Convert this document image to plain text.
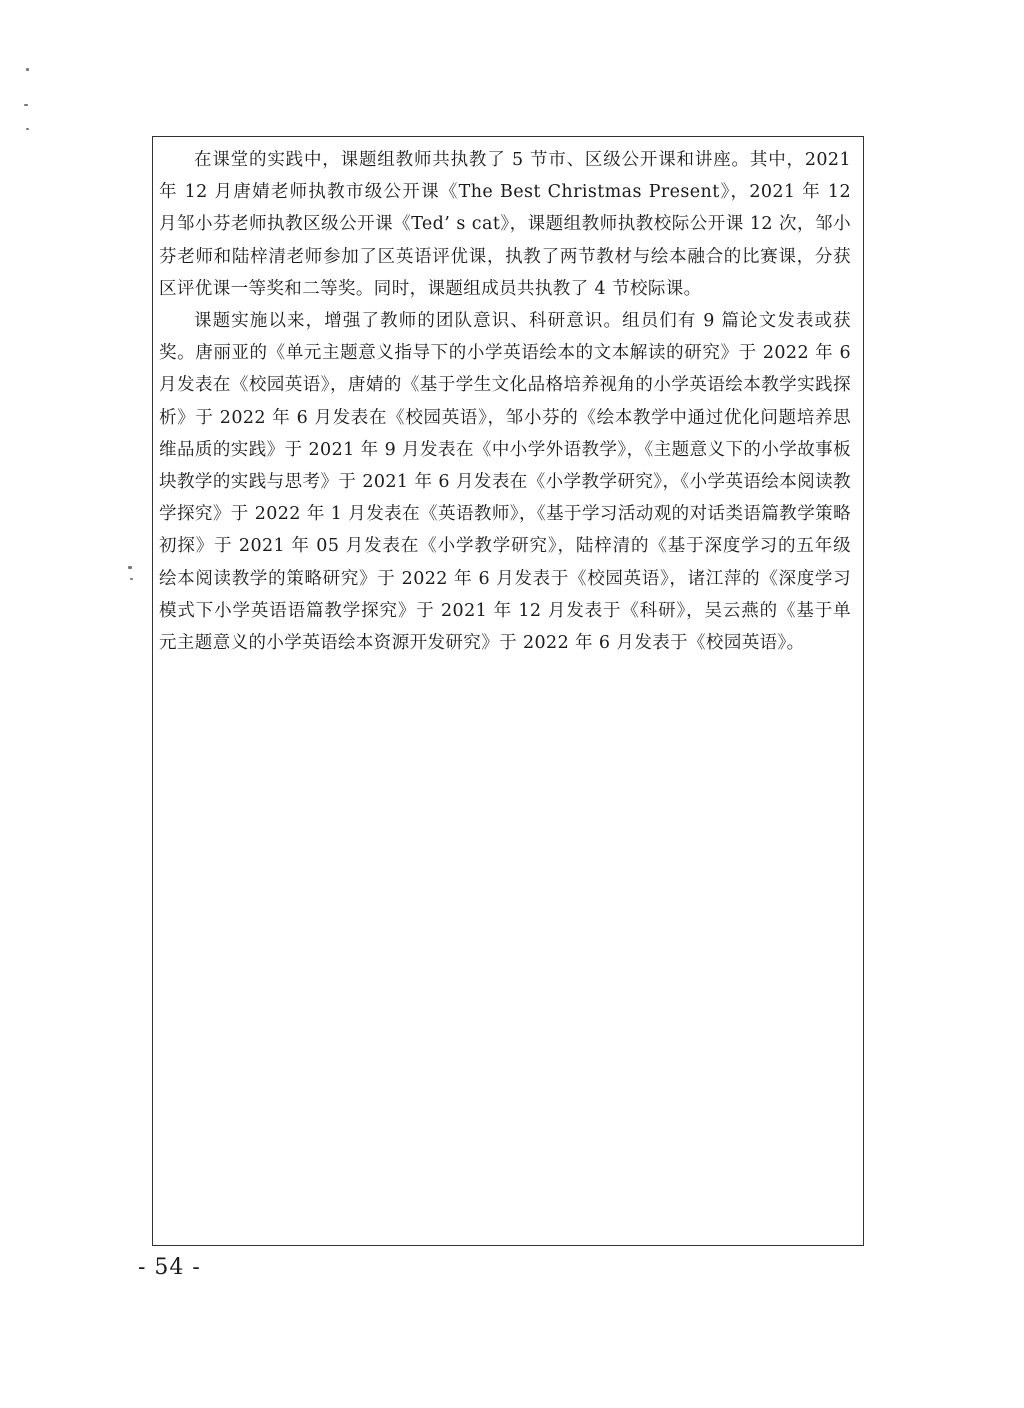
在课堂的实践中，课题组教师共执教了 5 节市、区级公开课和讲座。其中，2021 年 12 月唐婧老师执教市级公开课《The Best Christmas Present》，2021 年 12 月邹小芬老师执教区级公开课《Ted’ s cat》，课题组教师执教校际公开课 12 次，邹小芬老师和陆梓清老师参加了区英语评优课，执教了两节教材与绘本融合的比赛课，分获区评优课一等奖和二等奖。同时，课题组成员共执教了 4 节校际课。

课题实施以来，增强了教师的团队意识、科研意识。组员们有 9 篇论文发表或获奖。唐丽亚的《单元主题意义指导下的小学英语绘本的文本解读的研究》于 2022 年 6 月发表在《校园英语》，唐婧的《基于学生文化品格培养视角的小学英语绘本教学实践探析》于 2022 年 6 月发表在《校园英语》，邹小芬的《绘本教学中通过优化问题培养思维品质的实践》于 2021 年 9 月发表在《中小学外语教学》，《主题意义下的小学故事板块教学的实践与思考》于 2021 年 6 月发表在《小学教学研究》，《小学英语绘本阅读教学探究》于 2022 年 1 月发表在《英语教师》，《基于学习活动观的对话类语篇教学策略初探》于 2021 年 05 月发表在《小学教学研究》，陆梓清的《基于深度学习的五年级绘本阅读教学的策略研究》于 2022 年 6 月发表于《校园英语》，诸江萍的《深度学习模式下小学英语语篇教学探究》于 2021 年 12 月发表于《科研》，吴云燕的《基于单元主题意义的小学英语绘本资源开发研究》于 2022 年 6 月发表于《校园英语》。

- 54 -
